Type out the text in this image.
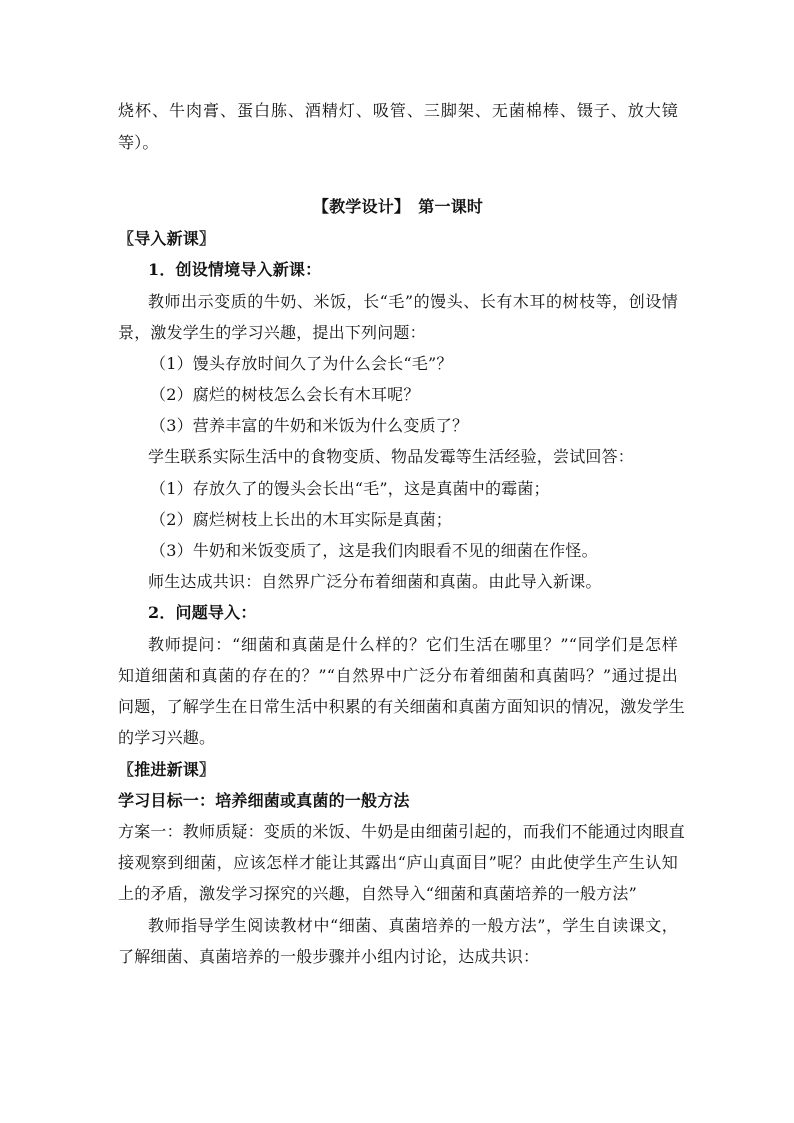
烧杯、牛肉膏、蛋白胨、酒精灯、吸管、三脚架、无菌棉棒、镊子、放大镜
等）。
【教学设计】　第一课时
〖导入新课〗
1．创设情境导入新课：
教师出示变质的牛奶、米饭，长“毛”的馒头、长有木耳的树枝等，创设情
景，激发学生的学习兴趣，提出下列问题：
（1）馒头存放时间久了为什么会长“毛”？
（2）腐烂的树枝怎么会长有木耳呢？
（3）营养丰富的牛奶和米饭为什么变质了？
学生联系实际生活中的食物变质、物品发霉等生活经验，尝试回答：
（1）存放久了的馒头会长出“毛”，这是真菌中的霉菌；
（2）腐烂树枝上长出的木耳实际是真菌；
（3）牛奶和米饭变质了，这是我们肉眼看不见的细菌在作怪。
师生达成共识：自然界广泛分布着细菌和真菌。由此导入新课。
2．问题导入：
教师提问：“细菌和真菌是什么样的？它们生活在哪里？”“同学们是怎样
知道细菌和真菌的存在的？”“自然界中广泛分布着细菌和真菌吗？”通过提出
问题，了解学生在日常生活中积累的有关细菌和真菌方面知识的情况，激发学生
的学习兴趣。
〖推进新课〗
学习目标一：培养细菌或真菌的一般方法
方案一：教师质疑：变质的米饭、牛奶是由细菌引起的，而我们不能通过肉眼直
接观察到细菌，应该怎样才能让其露出“庐山真面目”呢？由此使学生产生认知
上的矛盾，激发学习探究的兴趣，自然导入“细菌和真菌培养的一般方法”
教师指导学生阅读教材中“细菌、真菌培养的一般方法”，学生自读课文，
了解细菌、真菌培养的一般步骤并小组内讨论，达成共识：
